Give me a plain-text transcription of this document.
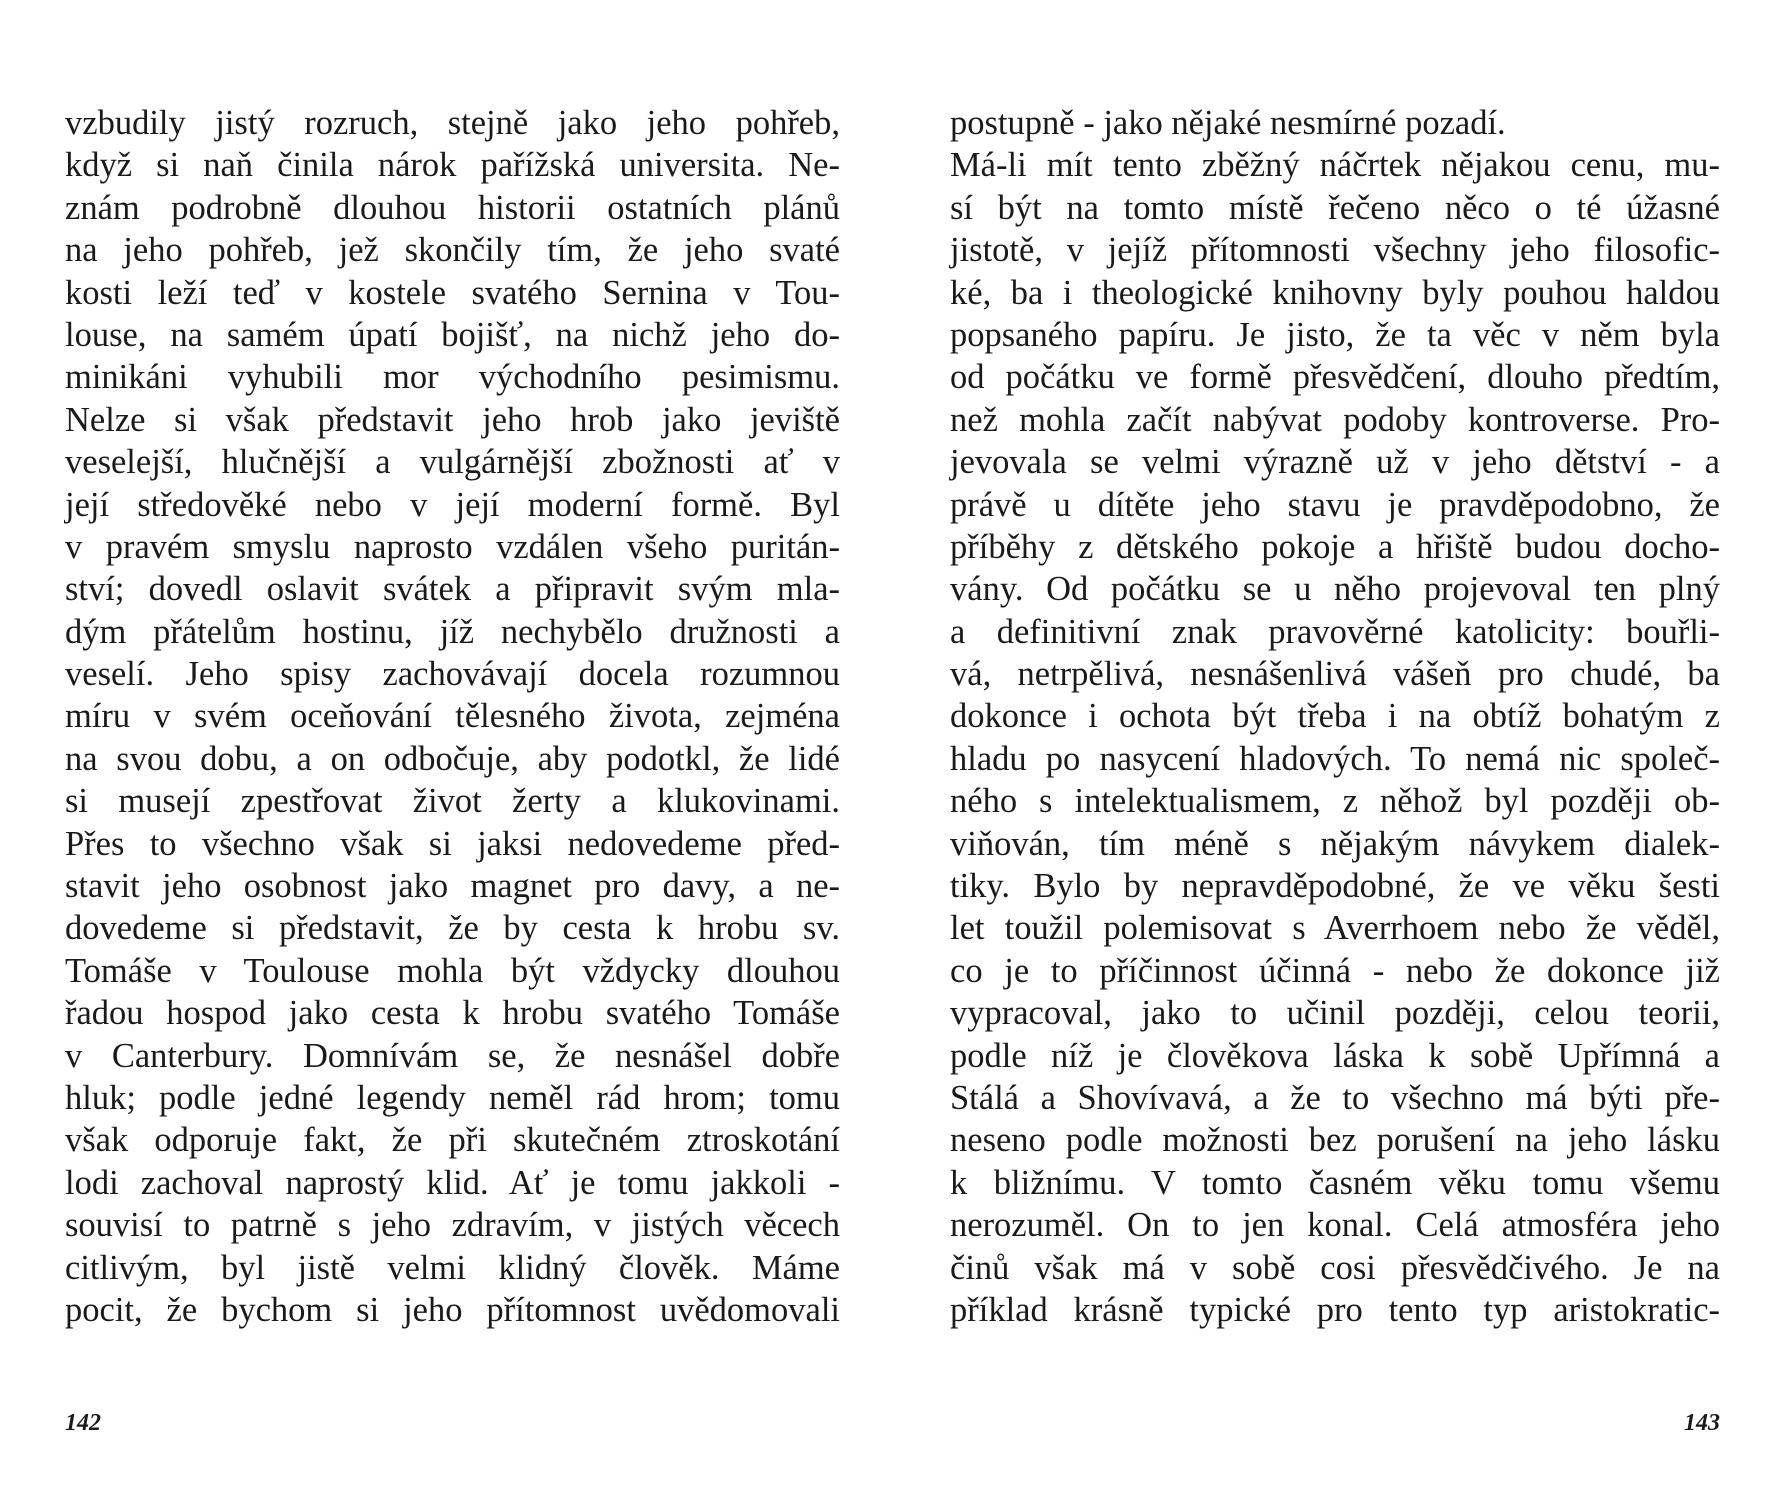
vzbudily jistý rozruch, stejně jako jeho pohřeb,
když si naň činila nárok pařížská universita. Ne-
znám podrobně dlouhou historii ostatních plánů
na jeho pohřeb, jež skončily tím, že jeho svaté
kosti leží teď v kostele svatého Sernina v Tou-
louse, na samém úpatí bojišť, na nichž jeho do-
minikáni vyhubili mor východního pesimismu.
Nelze si však představit jeho hrob jako jeviště
veselejší, hlučnější a vulgárnější zbožnosti ať v
její středověké nebo v její moderní formě. Byl
v pravém smyslu naprosto vzdálen všeho puritán-
ství; dovedl oslavit svátek a připravit svým mla-
dým přátelům hostinu, jíž nechybělo družnosti a
veselí. Jeho spisy zachovávají docela rozumnou
míru v svém oceňování tělesného života, zejména
na svou dobu, a on odbočuje, aby podotkl, že lidé
si musejí zpestřovat život žerty a klukovinami.
Přes to všechno však si jaksi nedovedeme před-
stavit jeho osobnost jako magnet pro davy, a ne-
dovedeme si představit, že by cesta k hrobu sv.
Tomáše v Toulouse mohla být vždycky dlouhou
řadou hospod jako cesta k hrobu svatého Tomáše
v Canterbury. Domnívám se, že nesnášel dobře
hluk; podle jedné legendy neměl rád hrom; tomu
však odporuje fakt, že při skutečném ztroskotání
lodi zachoval naprostý klid. Ať je tomu jakkoli -
souvisí to patrně s jeho zdravím, v jistých věcech
citlivým, byl jistě velmi klidný člověk. Máme
pocit, že bychom si jeho přítomnost uvědomovali
142
postupně - jako nějaké nesmírné pozadí.
Má-li mít tento zběžný náčrtek nějakou cenu, mu-
sí být na tomto místě řečeno něco o té úžasné
jistotě, v jejíž přítomnosti všechny jeho filosofic-
ké, ba i theologické knihovny byly pouhou haldou
popsaného papíru. Je jisto, že ta věc v něm byla
od počátku ve formě přesvědčení, dlouho předtím,
než mohla začít nabývat podoby kontroverse. Pro-
jevovala se velmi výrazně už v jeho dětství - a
právě u dítěte jeho stavu je pravděpodobno, že
příběhy z dětského pokoje a hřiště budou docho-
vány. Od počátku se u něho projevoval ten plný
a definitivní znak pravověrné katolicity: bouřli-
vá, netrpělivá, nesnášenlivá vášeň pro chudé, ba
dokonce i ochota být třeba i na obtíž bohatým z
hladu po nasycení hladových. To nemá nic společ-
ného s intelektualismem, z něhož byl později ob-
viňován, tím méně s nějakým návykem dialek-
tiky. Bylo by nepravděpodobné, že ve věku šesti
let toužil polemisovat s Averrhoem nebo že věděl,
co je to příčinnost účinná - nebo že dokonce již
vypracoval, jako to učinil později, celou teorii,
podle níž je člověkova láska k sobě Upřímná a
Stálá a Shovívavá, a že to všechno má býti pře-
neseno podle možnosti bez porušení na jeho lásku
k bližnímu. V tomto časném věku tomu všemu
nerozuměl. On to jen konal. Celá atmosféra jeho
činů však má v sobě cosi přesvědčivého. Je na
příklad krásně typické pro tento typ aristokratic-
143
